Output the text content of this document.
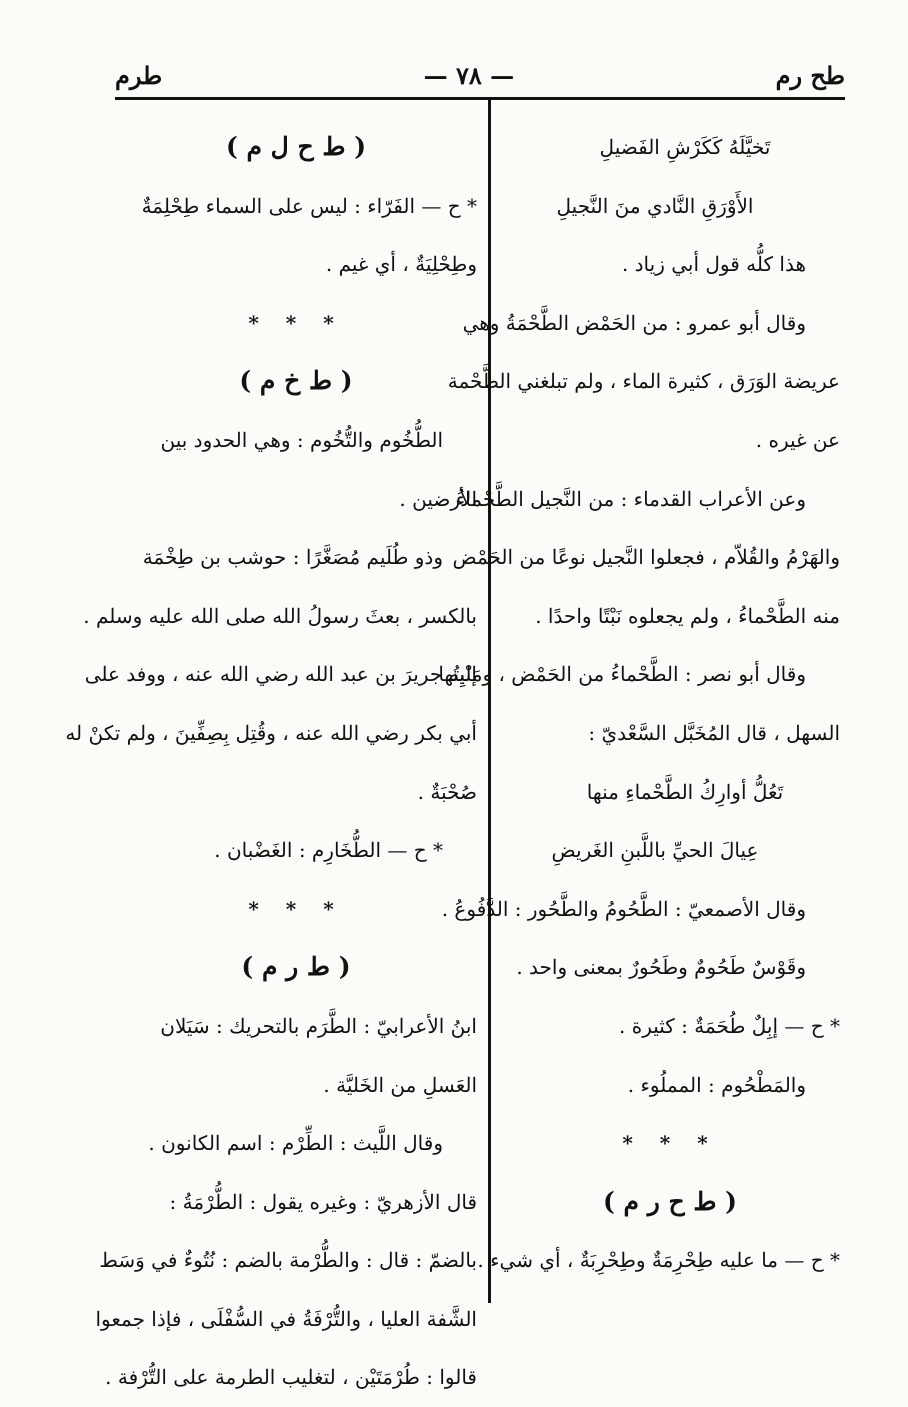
طح رم
— ٧٨ —
طرم
تَخيَّلَهُ كَكَرْشِ الفَضيلِ
الأَوْرَقِ النَّادي منَ النَّجيلِ
هذا كلُّه قول أبي زياد .
وقال أبو عمرو : من الحَمْض الطَّحْمَةُ وهي
عريضة الوَرَق ، كثيرة الماء ، ولم تبلغني الطَّحْمة
عن غيره .
وعن الأعراب القدماء : من النَّجيل الطَّحْماءُ
والهَرْمُ والقُلاّم ، فجعلوا النَّجيل نوعًا من الحَمْض
منه الطَّحْماءُ ، ولم يجعلوه نَبْتًا واحدًا .
وقال أبو نصر : الطَّحْماءُ من الحَمْض ، ومَنْبِتُها
السهل ، قال المُخَبَّل السَّعْديّ :
تَعُلُّ أوارِكُ الطَّحْماءِ منها
عِيالَ الحيِّ باللَّبنِ الغَريضِ
وقال الأصمعيّ : الطَّحُومُ والطَّحُور : الدَّفُوعُ .
وقَوْسٌ طَحُومٌ وطَحُورٌ بمعنى واحد .
* ح — إبِلٌ طُحَمَةٌ : كثيرة .
والمَطْحُوم : المملُوء .
* * *
( ط ح ر م )
* ح — ما عليه طِحْرِمَةٌ وطِحْرِبَةٌ ، أي شيء .
( ط ح ل م )
* ح — الفَرّاء : ليس على السماء طِحْلِمَةٌ
وطِحْلِيَةٌ ، أي غيم .
* * *
( ط خ م )
الطُّخُوم والتُّخُوم : وهي الحدود بين
الأرضين .
وذو طُلَيم مُصَغَّرًا : حوشب بن طِخْمَة
بالكسر ، بعثَ رسولُ الله صلى الله عليه وسلم .
إليه جريرَ بن عبد الله رضي الله عنه ، ووفد على
أبي بكر رضي الله عنه ، وقُتِل بِصِفِّينَ ، ولم تكنْ له
صُحْبَةٌ .
* ح — الطُّخَارِم : الغَضْبان .
* * *
( ط ر م )
ابنُ الأعرابيّ : الطَّرَم بالتحريك : سَيَلان
العَسلِ من الخَليَّة .
وقال اللَّيث : الطِّرْم : اسم الكانون .
قال الأزهريّ : وغيره يقول : الطُّرْمَةُ :
بالضمّ : قال : والطُّرْمة بالضم : نُتُوءٌ في وَسَط
الشَّفة العليا ، والتُّرْفَةُ في السُّفْلَى ، فإذا جمعوا
قالوا : طُرْمَتَيْن ، لتغليب الطرمة على التُّرْفة .
